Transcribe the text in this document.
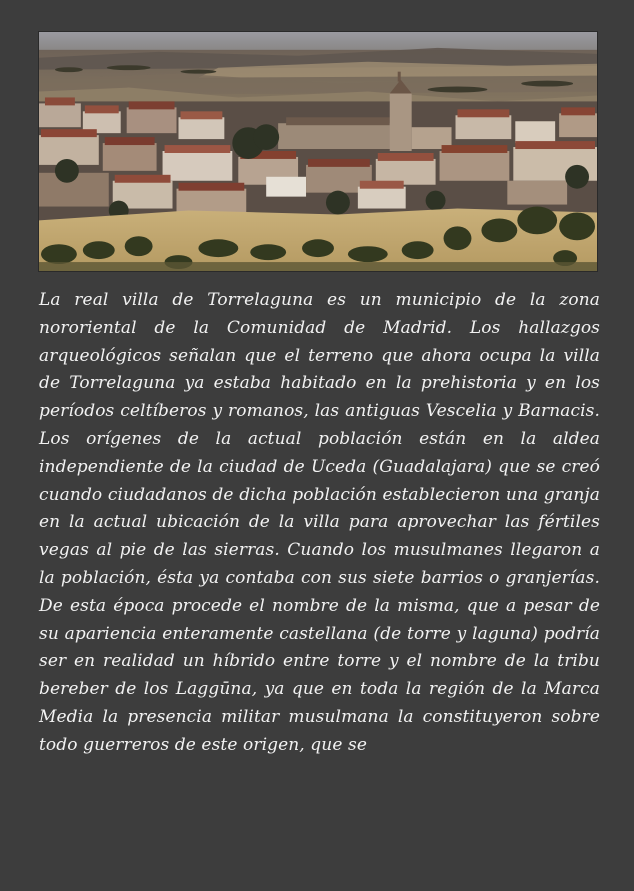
La real villa de Torrelaguna es un municipio de la zona nororiental de la Comunidad de Madrid. Los hallazgos arqueológicos señalan que el terreno que ahora ocupa la villa de Torrelaguna ya estaba habitado en la prehistoria y en los períodos celtíberos y romanos, las antiguas Vescelia y Barnacis. Los orígenes de la actual población están en la aldea independiente de la ciudad de Uceda (Guadalajara) que se creó cuando ciudadanos de dicha población establecieron una granja en la actual ubicación de la villa para aprovechar las fértiles vegas al pie de las sierras. Cuando los musulmanes llegaron a la población, ésta ya contaba con sus siete barrios o granjerías. De esta época procede el nombre de la misma, que a pesar de su apariencia enteramente castellana (de torre y laguna) podría ser en realidad un híbrido entre torre y el nombre de la tribu bereber de los Laggūna, ya que en toda la región de la Marca Media la presencia militar musulmana la constituyeron sobre todo guerreros de este origen, que se
